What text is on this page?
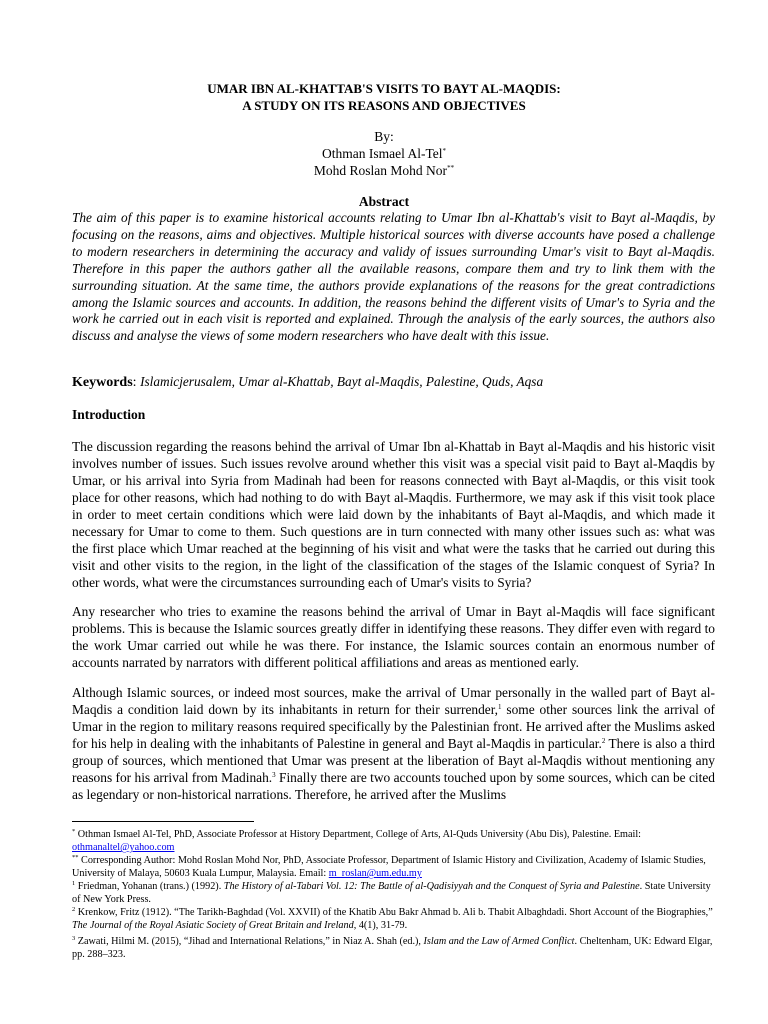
UMAR IBN AL-KHATTAB'S VISITS TO BAYT AL-MAQDIS:
A STUDY ON ITS REASONS AND OBJECTIVES
By:
Othman Ismael Al-Tel*
Mohd Roslan Mohd Nor**
Abstract

The aim of this paper is to examine historical accounts relating to Umar Ibn al-Khattab's visit to Bayt al-Maqdis, by focusing on the reasons, aims and objectives. Multiple historical sources with diverse accounts have posed a challenge to modern researchers in determining the accuracy and validy of issues surrounding Umar's visit to Bayt al-Maqdis. Therefore in this paper the authors gather all the available reasons, compare them and try to link them with the surrounding situation. At the same time, the authors provide explanations of the reasons for the great contradictions among the Islamic sources and accounts. In addition, the reasons behind the different visits of Umar's to Syria and the work he carried out in each visit is reported and explained. Through the analysis of the early sources, the authors also discuss and analyse the views of some modern researchers who have dealt with this issue.

Keywords: Islamicjerusalem, Umar al-Khattab, Bayt al-Maqdis, Palestine, Quds, Aqsa
Introduction

The discussion regarding the reasons behind the arrival of Umar Ibn al-Khattab in Bayt al-Maqdis and his historic visit involves number of issues. Such issues revolve around whether this visit was a special visit paid to Bayt al-Maqdis by Umar, or his arrival into Syria from Madinah had been for reasons connected with Bayt al-Maqdis, or this visit took place for other reasons, which had nothing to do with Bayt al-Maqdis. Furthermore, we may ask if this visit took place in order to meet certain conditions which were laid down by the inhabitants of Bayt al-Maqdis, and which made it necessary for Umar to come to them. Such questions are in turn connected with many other issues such as: what was the first place which Umar reached at the beginning of his visit and what were the tasks that he carried out during this visit and other visits to the region, in the light of the classification of the stages of the Islamic conquest of Syria? In other words, what were the circumstances surrounding each of Umar's visits to Syria?

Any researcher who tries to examine the reasons behind the arrival of Umar in Bayt al-Maqdis will face significant problems. This is because the Islamic sources greatly differ in identifying these reasons. They differ even with regard to the work Umar carried out while he was there. For instance, the Islamic sources contain an enormous number of accounts narrated by narrators with different political affiliations and areas as mentioned early.

Although Islamic sources, or indeed most sources, make the arrival of Umar personally in the walled part of Bayt al-Maqdis a condition laid down by its inhabitants in return for their surrender,$^1$ some other sources link the arrival of Umar in the region to military reasons required specifically by the Palestinian front. He arrived after the Muslims asked for his help in dealing with the inhabitants of Palestine in general and Bayt al-Maqdis in particular.$^2$ There is also a third group of sources, which mentioned that Umar was present at the liberation of Bayt al-Maqdis without mentioning any reasons for his arrival from Madinah.$^3$ Finally there are two accounts touched upon by some sources, which can be cited as legendary or non-historical narrations. Therefore, he arrived after the Muslims

* Othman Ismael Al-Tel, PhD, Associate Professor at History Department, College of Arts, Al-Quds University (Abu Dis), Palestine. Email: othmanaltel@yahoo.com

** Corresponding Author: Mohd Roslan Mohd Nor, PhD, Associate Professor, Department of Islamic History and Civilization, Academy of Islamic Studies, University of Malaya, 50603 Kuala Lumpur, Malaysia. Email: m_roslan@um.edu.my

$^1$ Friedman, Yohanan (trans.) (1992). The History of al-Tabari Vol. 12: The Battle of al-Qadisiyyah and the Conquest of Syria and Palestine. State University of New York Press.

$^2$ Krenkow, Fritz (1912). “The Tarikh-Baghdad (Vol. XXVII) of the Khatib Abu Bakr Ahmad b. Ali b. Thabit Albaghdadi. Short Account of the Biographies,” The Journal of the Royal Asiatic Society of Great Britain and Ireland, 4(1), 31-79.

$^3$ Zawati, Hilmi M. (2015), “Jihad and International Relations,” in Niaz A. Shah (ed.), Islam and the Law of Armed Conflict. Cheltenham, UK: Edward Elgar, pp. 288–323.
